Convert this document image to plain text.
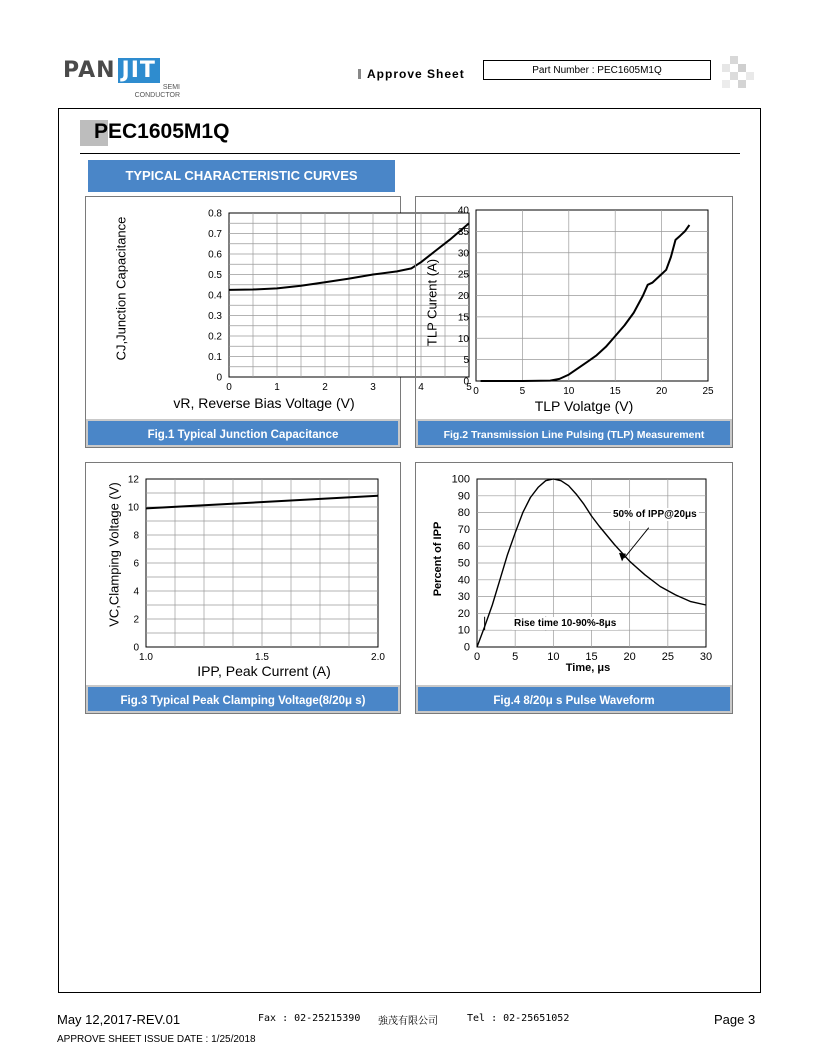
PAN JIT
SEMI
CONDUCTOR
Approve Sheet	Part Number : PEC1605M1Q
PEC1605M1Q
TYPICAL CHARACTERISTIC CURVES
0	1	2	3	4	5
0
0.1
0.2
0.3
0.4
0.5
0.6
0.7
0.8
CJ,Junction Capacitance
vR, Reverse Bias Voltage (V)
Fig.1 Typical Junction Capacitance
0	5	10	15	20	25
0
5
10
15
20
25
30
35
40
TLP Curent (A)
TLP Volatge (V)
Fig.2 Transmission Line Pulsing (TLP) Measurement
1.0	1.5	2.0
0
2
4
6
8
10
12
VC,Clamping Voltage (V)
IPP, Peak Current (A)
Fig.3 Typical Peak Clamping Voltage(8/20μ s)
0	5	10 15 20 25 30
0
10
20
30
40
50
60
70
80
90
100
Percent of IPP
Time, μs
50% of IPP@20μs
Rise time 10-90%-8μs
Fig.4 8/20μ s Pulse Waveform
May 12,2017-REV.01	Fax : 02-25215390 強茂有限公司	Tel : 02-25651052	Page 3
APPROVE SHEET ISSUE DATE : 1/25/2018
